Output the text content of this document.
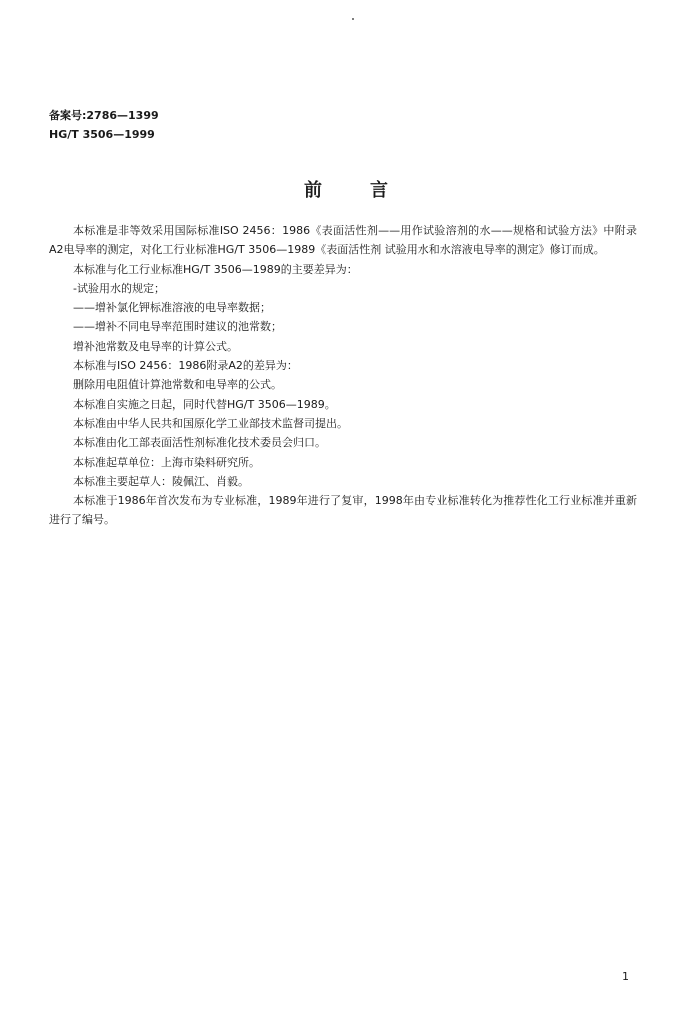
备案号:2786—1399
HG/T 3506—1999
前言

本标准是非等效采用国际标准ISO 2456：1986《表面活性剂——用作试验溶剂的水——规格和试验方法》中附录A2电导率的测定，对化工行业标准HG/T 3506—1989《表面活性剂 试验用水和水溶液电导率的测定》修订而成。

本标准与化工行业标准HG/T 3506—1989的主要差异为：

-试验用水的规定；

——增补氯化钾标准溶液的电导率数据；

——增补不同电导率范围时建议的池常数；

增补池常数及电导率的计算公式。

本标准与ISO 2456：1986附录A2的差异为：

删除用电阻值计算池常数和电导率的公式。

本标准自实施之日起，同时代替HG/T 3506—1989。

本标准由中华人民共和国原化学工业部技术监督司提出。

本标准由化工部表面活性剂标准化技术委员会归口。

本标准起草单位：上海市染料研究所。

本标准主要起草人：陵佩江、肖毅。

本标准于1986年首次发布为专业标准，1989年进行了复审，1998年由专业标准转化为推荐性化工行业标准并重新进行了编号。

1
